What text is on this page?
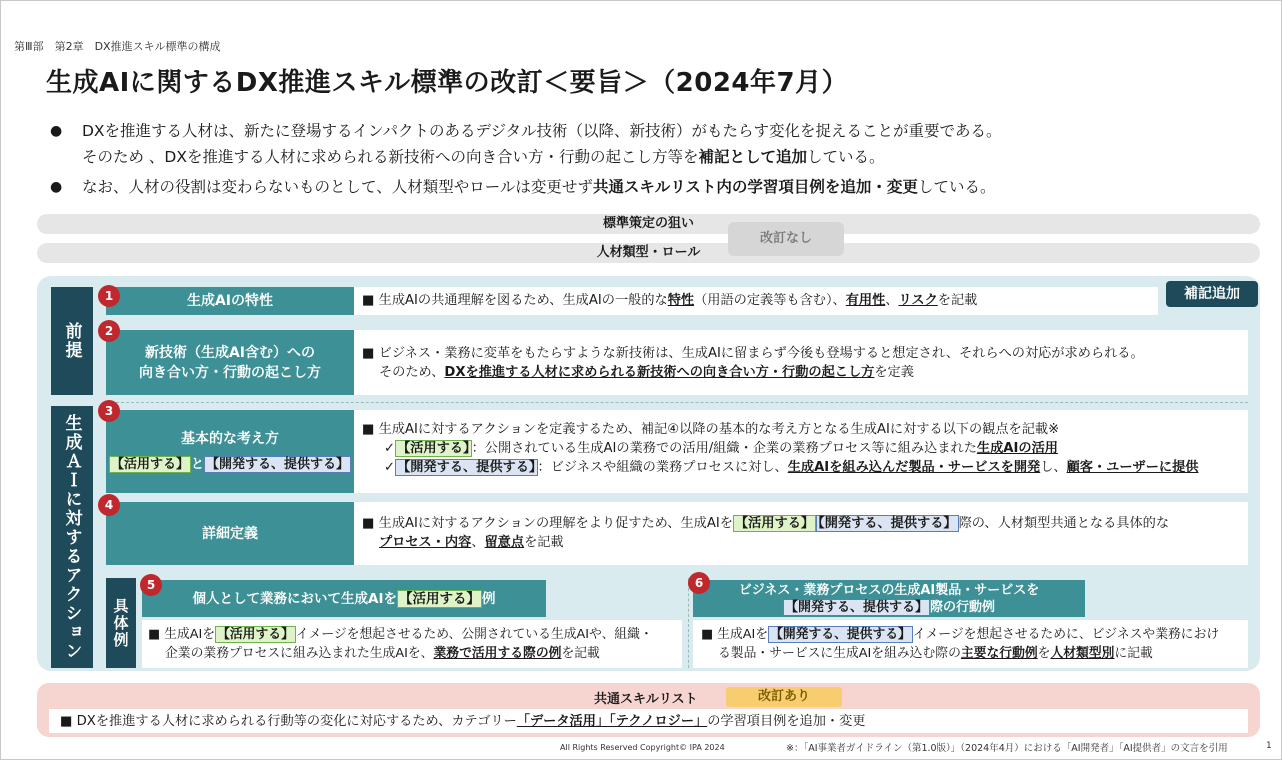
第Ⅲ部　第2章　DX推進スキル標準の構成
生成AIに関するDX推進スキル標準の改訂＜要旨＞（2024年7月）
●	DXを推進する人材は、新たに登場するインパクトのあるデジタル技術（以降、新技術）がもたらす変化を捉えることが重要である。
そのため 、DXを推進する人材に求められる新技術への向き合い方・行動の起こし方等を補記として追加している。
●	なお、人材の役割は変わらないものとして、人材類型やロールは変更せず共通スキルリスト内の学習項目例を追加・変更している。
標準策定の狙い
人材類型・ロール
改訂なし
補記追加
前提
生成ＡＩに対するアクション 具体例
生成AIの特性
1	■ 生成AIの共通理解を図るため、生成AIの一般的な特性（用語の定義等も含む）、有用性、リスクを記載
新技術（生成AI含む）への
向き合い方・行動の起こし方
2
■ ビジネス・業務に変革をもたらすような新技術は、生成AIに留まらず今後も登場すると想定され、それらへの対応が求められる。
そのため、DXを推進する人材に求められる新技術への向き合い方・行動の起こし方を定義
基本的な考え方
【活用する】 と 【開発する、提供する】
3
■ 生成AIに対するアクションを定義するため、補記④以降の基本的な考え方となる生成AIに対する以下の観点を記載※
✓ 【活用する】 ：公開されている生成AIの業務での活用/組織・企業の業務プロセス等に組み込まれた生成AIの活用
✓ 【開発する、提供する】 ：ビジネスや組織の業務プロセスに対し、生成AIを組み込んだ製品・サービスを開発し、顧客・ユーザーに提供
詳細定義
4
■ 生成AIに対するアクションの理解をより促すため、生成AIを 【活用する】 【開発する、提供する】 際の、人材類型共通となる具体的な
プロセス・内容、留意点を記載
個人として業務において生成AIを 【活用する】 例
5
■ 生成AIを 【活用する】 イメージを想起させるため、公開されている生成AIや、組織・
企業の業務プロセスに組み込まれた生成AIを、業務で活用する際の例を記載
ビジネス・業務プロセスの生成AI製品・サービスを
【開発する、提供する】 際の行動例
6
■ 生成AIを 【開発する、提供する】 イメージを想起させるために、ビジネスや業務におけ
る製品・サービスに生成AIを組み込む際の主要な行動例を人材類型別に記載
共通スキルリスト	改訂あり
■ DXを推進する人材に求められる行動等の変化に対応するため、カテゴリー「データ活用」「テクノロジー」の学習項目例を追加・変更
All Rights Reserved Copyright© IPA 2024	※：「AI事業者ガイドライン（第1.0版）」（2024年4月）における「AI開発者」「AI提供者」の文言を引用	1
